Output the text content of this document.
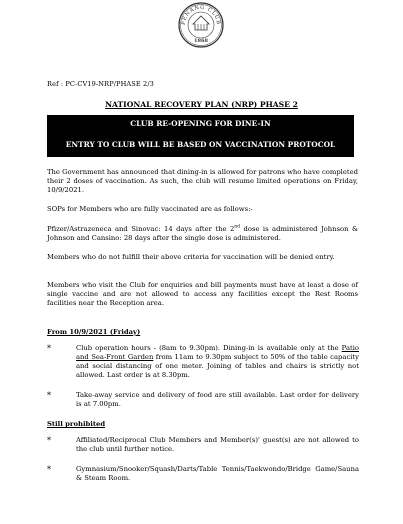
PENANG CLUB
1868
Ref : PC-CV19-NRP/PHASE 2/3
NATIONAL RECOVERY PLAN (NRP) PHASE 2
CLUB RE-OPENING FOR DINE-IN
ENTRY TO CLUB WILL BE BASED ON VACCINATION PROTOCOL
The Government has announced that dining-in is allowed for patrons who have completed their 2 doses of vaccination. As such, the club will resume limited operations on Friday, 10/9/2021.
SOPs for Members who are fully vaccinated are as follows:-
Pfizer/Astrazeneca and Sinovac: 14 days after the 2nd dose is administered Johnson & Johnson and Cansino: 28 days after the single dose is administered.
Members who do not fulfill their above criteria for vaccination will be denied entry.
Members who visit the Club for enquiries and bill payments must have at least a dose of single vaccine and are not allowed to access any facilities except the Rest Rooms facilities near the Reception area.
From 10/9/2021 (Friday)
*	Club operation hours - (8am to 9.30pm). Dining-in is available only at the Patio and Sea-Front Garden from 11am to 9.30pm subject to 50% of the table capacity and social distancing of one meter. Joining of tables and chairs is strictly not allowed. Last order is at 8.30pm.
*	Take-away service and delivery of food are still available. Last order for delivery is at 7.00pm.
Still prohibited
*	Affiliated/Reciprocal Club Members and Member(s)' guest(s) are not allowed to the club until further notice.
*	Gymnasium/Snooker/Squash/Darts/Table Tennis/Taekwondo/Bridge Game/Sauna & Steam Room.
